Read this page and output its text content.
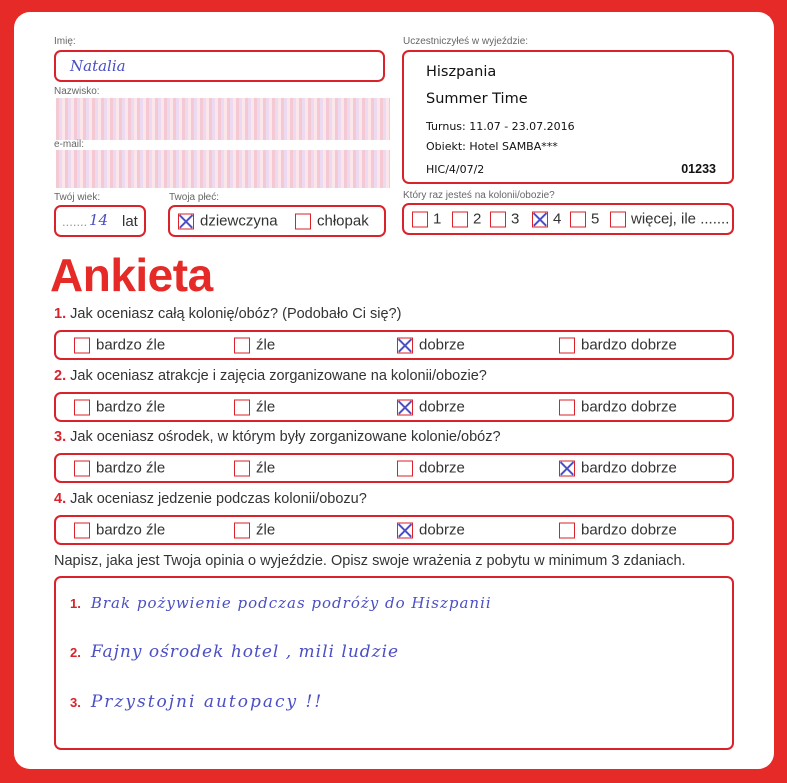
Imię:
Natalia
Nazwisko:
e-mail:
Twój wiek:
....... 14 lat
Twoja płeć:
dziewczyna	chłopak
Uczestniczyłeś w wyjeździe:
Hiszpania
Summer Time
Turnus: 11.07 - 23.07.2016
Obiekt: Hotel SAMBA***
HIC/4/07/2	01233
Który raz jesteś na kolonii/obozie?
1 2 3 4 5 więcej, ile .......
Ankieta
1. Jak oceniasz całą kolonię/obóz? (Podobało Ci się?)
bardzo źle	źle	dobrze	bardzo dobrze
2. Jak oceniasz atrakcje i zajęcia zorganizowane na kolonii/obozie?
bardzo źle	źle	dobrze	bardzo dobrze
3. Jak oceniasz ośrodek, w którym były zorganizowane kolonie/obóz?
bardzo źle	źle	dobrze	bardzo dobrze
4. Jak oceniasz jedzenie podczas kolonii/obozu?
bardzo źle	źle	dobrze	bardzo dobrze
Napisz, jaka jest Twoja opinia o wyjeździe. Opisz swoje wrażenia z pobytu w minimum 3 zdaniach.
1. Brak pożywienie podczas podróży do Hiszpanii
2. Fajny ośrodek hotel , mili ludzie
3. Przystojni autopacy !!
